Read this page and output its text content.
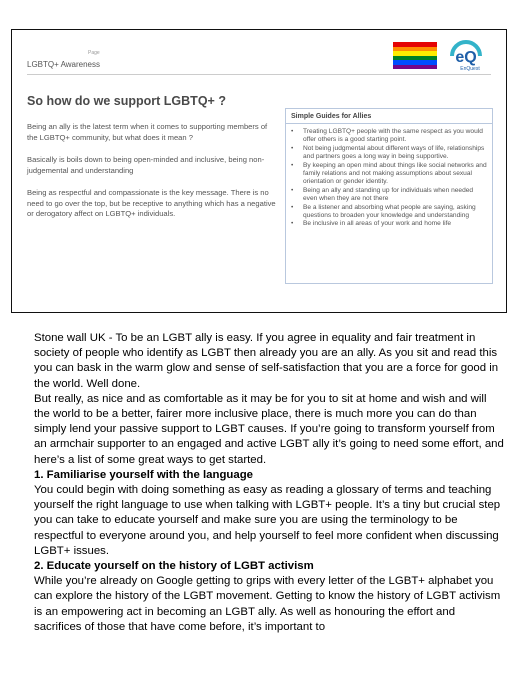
Page
LGBTQ+ Awareness	eQ
EnQuest
So how do we support LGBTQ+ ?

Being an ally is the latest term when it comes to supporting members of the LGBTQ+ community, but what does it mean ?

Basically is boils down to being open-minded and inclusive, being non-judgemental and understanding

Being as respectful and compassionate is the key message. There is no need to go over the top, but be receptive to anything which has a negative or derogatory affect on LGBTQ+ individuals.

Simple Guides for Allies
• Treating LGBTQ+ people with the same respect as you would offer others is a good starting point.
• Not being judgmental about different ways of life, relationships and partners goes a long way in being supportive.
• By keeping an open mind about things like social networks and family relations and not making assumptions about sexual orientation or gender identity.
• Being an ally and standing up for individuals when needed even when they are not there
• Be a listener and absorbing what people are saying, asking questions to broaden your knowledge and understanding
• Be inclusive in all areas of your work and home life

Stone wall UK - To be an LGBT ally is easy. If you agree in equality and fair treatment in society of people who identify as LGBT then already you are an ally. As you sit and read this you can bask in the warm glow and sense of self-satisfaction that you are a force for good in the world. Well done.

But really, as nice and as comfortable as it may be for you to sit at home and wish and will the world to be a better, fairer more inclusive place, there is much more you can do than simply lend your passive support to LGBT causes. If you’re going to transform yourself from an armchair supporter to an engaged and active LGBT ally it’s going to need some effort, and here’s a list of some great ways to get started.

1. Familiarise yourself with the language

You could begin with doing something as easy as reading a glossary of terms and teaching yourself the right language to use when talking with LGBT+ people. It’s a tiny but crucial step you can take to educate yourself and make sure you are using the terminology to be respectful to everyone around you, and help yourself to feel more confident when discussing LGBT+ issues.

2. Educate yourself on the history of LGBT activism

While you’re already on Google getting to grips with every letter of the LGBT+ alphabet you can explore the history of the LGBT movement. Getting to know the history of LGBT activism is an empowering act in becoming an LGBT ally. As well as honouring the effort and sacrifices of those that have come before, it’s important to
